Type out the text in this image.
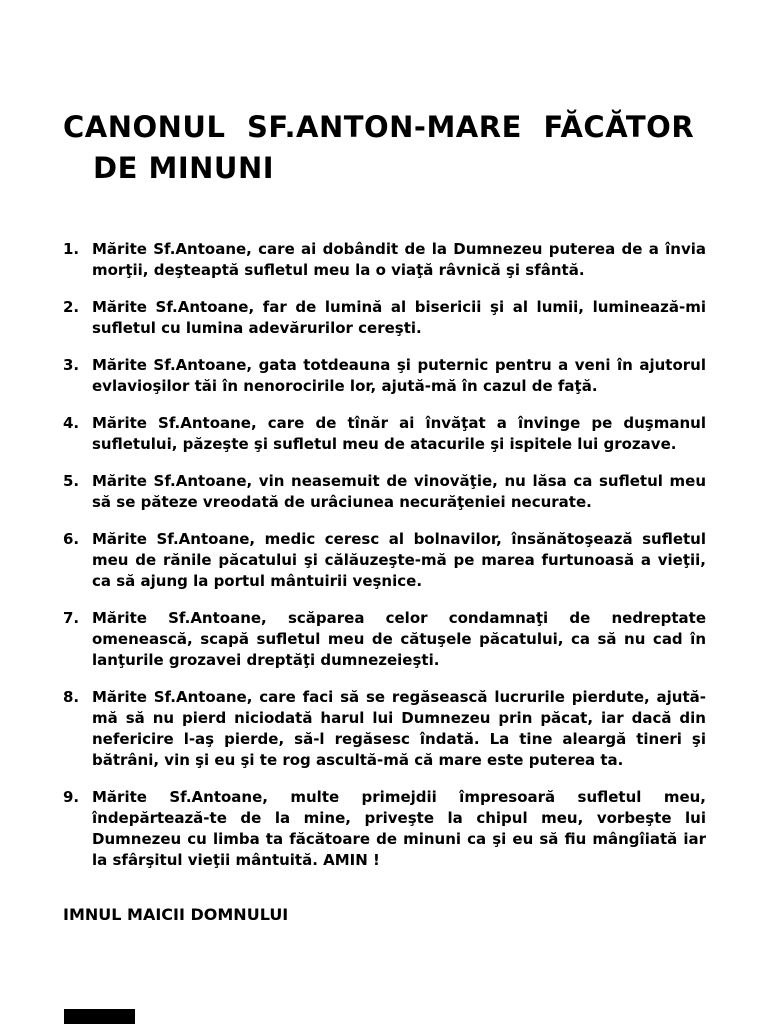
CANONUL SF.ANTON-MARE FĂCĂTOR
DE MINUNI
1. Mărite Sf.Antoane, care ai dobândit de la Dumnezeu puterea de a învia morţii, deşteaptă sufletul meu la o viaţă râvnică şi sfântă.

2. Mărite Sf.Antoane, far de lumină al bisericii şi al lumii, luminează-mi sufletul cu lumina adevărurilor cereşti.

3. Mărite Sf.Antoane, gata totdeauna şi puternic pentru a veni în ajutorul evlavioşilor tăi în nenorocirile lor, ajută-mă în cazul de faţă.

4. Mărite Sf.Antoane, care de tînăr ai învăţat a învinge pe duşmanul sufletului, păzeşte şi sufletul meu de atacurile şi ispitele lui grozave.

5. Mărite Sf.Antoane, vin neasemuit de vinovăţie, nu lăsa ca sufletul meu să se păteze vreodată de urâciunea necurăţeniei necurate.

6. Mărite Sf.Antoane, medic ceresc al bolnavilor, însănătoşează sufletul meu de rănile păcatului şi călăuzeşte-mă pe marea furtunoasă a vieţii, ca să ajung la portul mântuirii veşnice.

7. Mărite Sf.Antoane, scăparea celor condamnaţi de nedreptate omenească, scapă sufletul meu de cătuşele păcatului, ca să nu cad în lanţurile grozavei dreptăţi dumnezeieşti.

8. Mărite Sf.Antoane, care faci să se regăsească lucrurile pierdute, ajută-mă să nu pierd niciodată harul lui Dumnezeu prin păcat, iar dacă din nefericire l-aş pierde, să-l regăsesc îndată. La tine aleargă tineri şi bătrâni, vin şi eu şi te rog ascultă-mă că mare este puterea ta.

9. Mărite Sf.Antoane, multe primejdii împresoară sufletul meu, îndepărtează-te de la mine, priveşte la chipul meu, vorbeşte lui Dumnezeu cu limba ta făcătoare de minuni ca şi eu să fiu mângîiată iar la sfârşitul vieţii mântuită. AMIN !

IMNUL MAICII DOMNULUI
